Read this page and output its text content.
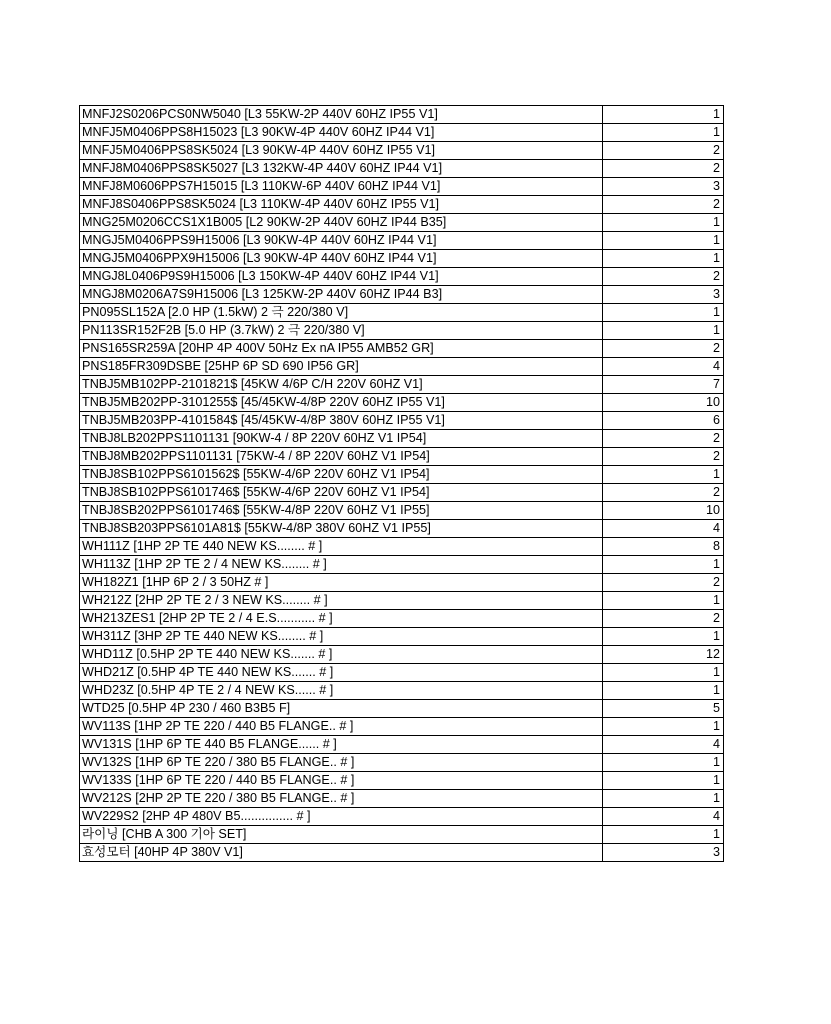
MNFJ2S0206PCS0NW5040 [L3 55KW-2P 440V 60HZ IP55 V1]	1
MNFJ5M0406PPS8H15023 [L3 90KW-4P 440V 60HZ IP44 V1]	1
MNFJ5M0406PPS8SK5024 [L3 90KW-4P 440V 60HZ IP55 V1]	2
MNFJ8M0406PPS8SK5027 [L3 132KW-4P 440V 60HZ IP44 V1]	2
MNFJ8M0606PPS7H15015 [L3 110KW-6P 440V 60HZ IP44 V1]	3
MNFJ8S0406PPS8SK5024 [L3 110KW-4P 440V 60HZ IP55 V1]	2
MNG25M0206CCS1X1B005 [L2 90KW-2P 440V 60HZ IP44 B35]	1
MNGJ5M0406PPS9H15006 [L3 90KW-4P 440V 60HZ IP44 V1]	1
MNGJ5M0406PPX9H15006 [L3 90KW-4P 440V 60HZ IP44 V1]	1
MNGJ8L0406P9S9H15006 [L3 150KW-4P 440V 60HZ IP44 V1]	2
MNGJ8M0206A7S9H15006 [L3 125KW-2P 440V 60HZ IP44 B3]	3
PN095SL152A [2.0 HP (1.5kW) 2 극 220/380 V]	1
PN113SR152F2B [5.0 HP (3.7kW) 2 극 220/380 V]	1
PNS165SR259A [20HP 4P 400V 50Hz Ex nA IP55 AMB52 GR]	2
PNS185FR309DSBE [25HP 6P SD 690 IP56 GR]	4
TNBJ5MB102PP-2101821$ [45KW 4/6P C/H 220V 60HZ V1]	7
TNBJ5MB202PP-3101255$ [45/45KW-4/8P 220V 60HZ IP55 V1]	10
TNBJ5MB203PP-4101584$ [45/45KW-4/8P 380V 60HZ IP55 V1]	6
TNBJ8LB202PPS1101131 [90KW-4 / 8P 220V 60HZ V1 IP54]	2
TNBJ8MB202PPS1101131 [75KW-4 / 8P 220V 60HZ V1 IP54]	2
TNBJ8SB102PPS6101562$ [55KW-4/6P 220V 60HZ V1 IP54]	1
TNBJ8SB102PPS6101746$ [55KW-4/6P 220V 60HZ V1 IP54]	2
TNBJ8SB202PPS6101746$ [55KW-4/8P 220V 60HZ V1 IP55]	10
TNBJ8SB203PPS6101A81$ [55KW-4/8P 380V 60HZ V1 IP55]	4
WH111Z [1HP 2P TE 440 NEW KS........ # ]	8
WH113Z [1HP 2P TE 2 / 4 NEW KS........ # ]	1
WH182Z1 [1HP 6P 2 / 3 50HZ # ]	2
WH212Z [2HP 2P TE 2 / 3 NEW KS........ # ]	1
WH213ZES1 [2HP 2P TE 2 / 4 E.S........... # ]	2
WH311Z [3HP 2P TE 440 NEW KS........ # ]	1
WHD11Z [0.5HP 2P TE 440 NEW KS....... # ]	12
WHD21Z [0.5HP 4P TE 440 NEW KS....... # ]	1
WHD23Z [0.5HP 4P TE 2 / 4 NEW KS...... # ]	1
WTD25 [0.5HP 4P 230 / 460 B3B5 F]	5
WV113S [1HP 2P TE 220 / 440 B5 FLANGE.. # ]	1
WV131S [1HP 6P TE 440 B5 FLANGE...... # ]	4
WV132S [1HP 6P TE 220 / 380 B5 FLANGE.. # ]	1
WV133S [1HP 6P TE 220 / 440 B5 FLANGE.. # ]	1
WV212S [2HP 2P TE 220 / 380 B5 FLANGE.. # ]	1
WV229S2 [2HP 4P 480V B5............... # ]	4
라이닝 [CHB A 300 기아 SET]	1
효성모터 [40HP 4P 380V V1]	3
